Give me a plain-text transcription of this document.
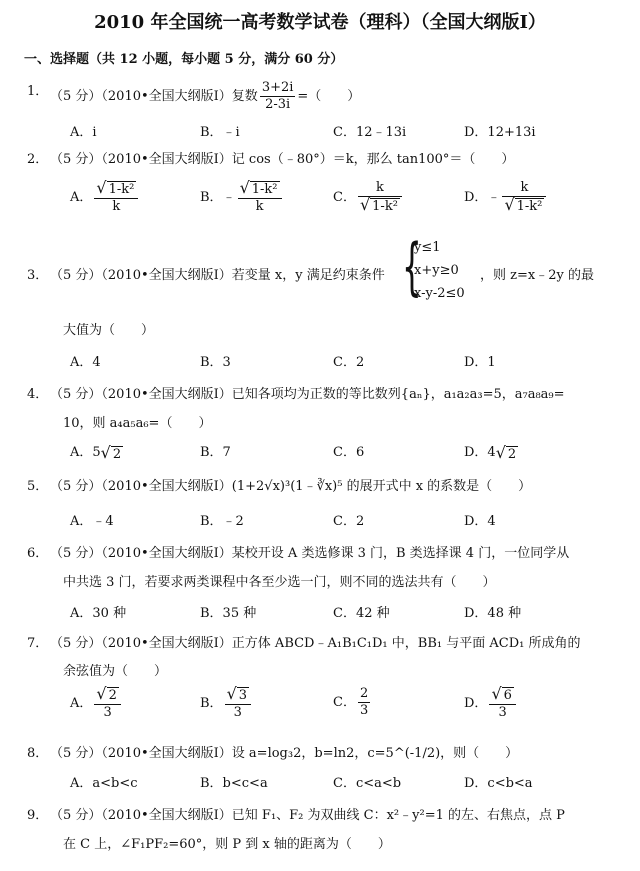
2010 年全国统一高考数学试卷（理科）（全国大纲版Ⅰ）
一、选择题（共 12 小题，每小题 5 分，满分 60 分）
1． （5 分）（2010•全国大纲版Ⅰ）复数 $\frac{3+2i}{2-3i}$ =（　　）
A．i	B．﹣i	C．12﹣13i	D．12+13i
2． （5 分）（2010•全国大纲版Ⅰ）记 cos（﹣80°）＝k，那么 tan100°＝（　　）
A． $\frac{\text{√ 1-k²}}{k}$	B．﹣ $\frac{\text{√ 1-k²}}{k}$	C． $\frac{k}{\text{√ 1-k²}}$	D．﹣ $\frac{k}{\text{√ 1-k²}}$
3． （5 分）（2010•全国大纲版Ⅰ）若变量 x，y 满足约束条件 {
y≤1
x+y≥0
x-y-2≤0
，则 z=x﹣2y 的最
大值为（　　）
A．4	B．3	C．2	D．1
4． （5 分）（2010•全国大纲版Ⅰ）已知各项均为正数的等比数列{aₙ}，a₁a₂a₃=5，a₇a₈a₉=
10，则 a₄a₅a₆=（　　）
A．5√ 2	B．7	C．6	D．4√ 2
5． （5 分）（2010•全国大纲版Ⅰ）(1+2√x)³(1﹣∛x)⁵ 的展开式中 x 的系数是（　　）
A．﹣4	B．﹣2	C．2	D．4
6． （5 分）（2010•全国大纲版Ⅰ）某校开设 A 类选修课 3 门，B 类选择课 4 门，一位同学从
中共选 3 门，若要求两类课程中各至少选一门，则不同的选法共有（　　）
A．30 种	B．35 种	C．42 种	D．48 种
7． （5 分）（2010•全国大纲版Ⅰ）正方体 ABCD﹣A₁B₁C₁D₁ 中，BB₁ 与平面 ACD₁ 所成角的
余弦值为（　　）
A． $\frac{√ 2}{3}$	B． $\frac{√ 3}{3}$	C． $\frac{2}{3}$	D． $\frac{√ 6}{3}$
8． （5 分）（2010•全国大纲版Ⅰ）设 a=log₃2，b=ln2，c=5^(-1/2)，则（　　）
A．a<b<c	B．b<c<a	C．c<a<b	D．c<b<a
9． （5 分）（2010•全国大纲版Ⅰ）已知 F₁、F₂ 为双曲线 C：x²﹣y²=1 的左、右焦点，点 P
在 C 上，∠F₁PF₂=60°，则 P 到 x 轴的距离为（　　）
